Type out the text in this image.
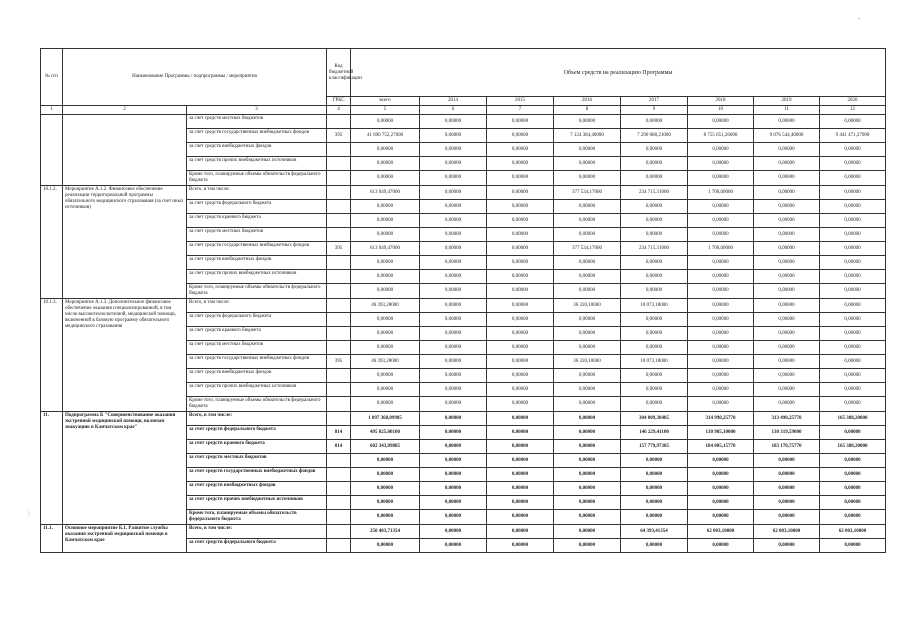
-
\
№ п/п	Наименование Программы / подпрограммы / мероприятия		Код бюджетной классификации	Объем средств на реализацию Программы							
			ГРБС	всего	2014	2015	2016	2017	2018	2019	2020
1	2	3	4	5	6	7	8	9	10	11	12
		за счет средств местных бюджетов		0,00000	0,00000	0,00000	0,00000	0,00000	0,00000	0,00000	0,00000
		за счет средств государственных внебюджетных фондов	395	41 690 752,27000	0,00000	0,00000	7 124 384,40000	7 290 080,21000	8 755 651,26000	9 076 544,40000	9 441 471,27000
		за счет средств внебюджетных фондов		0,00000	0,00000	0,00000	0,00000	0,00000	0,00000	0,00000	0,00000
		за счет средств прочих внебюджетных источников		0,00000	0,00000	0,00000	0,00000	0,00000	0,00000	0,00000	0,00000
		Кроме того, планируемые объемы обязательств федерального бюджета		0,00000	0,00000	0,00000	0,00000	0,00000	0,00000	0,00000	0,00000
10.1.2.	Мероприятие А.1.2. Финансовое обеспечение реализации территориальной программы обязательного медицинского страхования (за счет иных источников)	Всего, в том числе:		613 949,47000	0,00000	0,00000	377 534,17000	234 715,31000	1 700,00000	0,00000	0,00000
		за счет средств федерального бюджета		0,00000	0,00000	0,00000	0,00000	0,00000	0,00000	0,00000	0,00000
		за счет средств краевого бюджета		0,00000	0,00000	0,00000	0,00000	0,00000	0,00000	0,00000	0,00000
		за счет средств местных бюджетов		0,00000	0,00000	0,00000	0,00000	0,00000	0,00000	0,00000	0,00000
		за счет средств государственных внебюджетных фондов	395	613 949,47000	0,00000	0,00000	377 534,17000	234 715,31000	1 700,00000	0,00000	0,00000
		за счет средств внебюджетных фондов		0,00000	0,00000	0,00000	0,00000	0,00000	0,00000	0,00000	0,00000
		за счет средств прочих внебюджетных источников		0,00000	0,00000	0,00000	0,00000	0,00000	0,00000	0,00000	0,00000
		Кроме того, планируемые объемы обязательств федерального бюджета		0,00000	0,00000	0,00000	0,00000	0,00000	0,00000	0,00000	0,00000
10.1.3.	Мероприятие А.1.3. Дополнительное финансовое обеспечение оказания специализированной, в том числе высокотехнологичной, медицинской помощи, включенной в базовую программу обязательного медицинского страхования	Всего, в том числе:		46 393,28000	0,00000	0,00000	36 320,10000	10 073,18000	0,00000	0,00000	0,00000
		за счет средств федерального бюджета		0,00000	0,00000	0,00000	0,00000	0,00000	0,00000	0,00000	0,00000
		за счет средств краевого бюджета		0,00000	0,00000	0,00000	0,00000	0,00000	0,00000	0,00000	0,00000
		за счет средств местных бюджетов		0,00000	0,00000	0,00000	0,00000	0,00000	0,00000	0,00000	0,00000
		за счет средств государственных внебюджетных фондов	395	46 393,28000	0,00000	0,00000	36 320,10000	10 073,18000	0,00000	0,00000	0,00000
		за счет средств внебюджетных фондов		0,00000	0,00000	0,00000	0,00000	0,00000	0,00000	0,00000	0,00000
		за счет средств прочих внебюджетных источников		0,00000	0,00000	0,00000	0,00000	0,00000	0,00000	0,00000	0,00000
		Кроме того, планируемые объемы обязательств федерального бюджета		0,00000	0,00000	0,00000	0,00000	0,00000	0,00000	0,00000	0,00000
11.	Подпрограмма Б "Совершенствование оказания экстренной медицинской помощи, включая эвакуацию в Камчатском крае"	Всего, в том числе:		1 097 368,09985	0,00000	0,00000	0,00000	304 009,38485	314 990,25770	313 490,25770	165 388,20000
		за счет средств федерального бюджета	814	495 025,00100	0,00000	0,00000	0,00000	146 229,41100	130 985,10000	130 319,59000	0,00000
		за счет средств краевого бюджета	814	602 343,09885	0,00000	0,00000	0,00000	157 779,97385	184 005,15770	183 170,75770	165 388,20000
		за счет средств местных бюджетов		0,00000	0,00000	0,00000	0,00000	0,00000	0,00000	0,00000	0,00000
		за счет средств государственных внебюджетных фондов		0,00000	0,00000	0,00000	0,00000	0,00000	0,00000	0,00000	0,00000
		за счет средств внебюджетных фондов		0,00000	0,00000	0,00000	0,00000	0,00000	0,00000	0,00000	0,00000
		за счет средств прочих внебюджетных источников		0,00000	0,00000	0,00000	0,00000	0,00000	0,00000	0,00000	0,00000
		Кроме того, планируемые объемы обязательств федерального бюджета		0,00000	0,00000	0,00000	0,00000	0,00000	0,00000	0,00000	0,00000
11.1.	Основное мероприятие Б.1. Развитие службы оказания экстренной медицинской помощи в Камчатском крае	Всего, в том числе:		250 403,71354	0,00000	0,00000	0,00000	64 393,41354	62 003,10000	62 003,10000	62 003,10000
		за счет средств федерального бюджета		0,00000	0,00000	0,00000	0,00000	0,00000	0,00000	0,00000	0,00000
